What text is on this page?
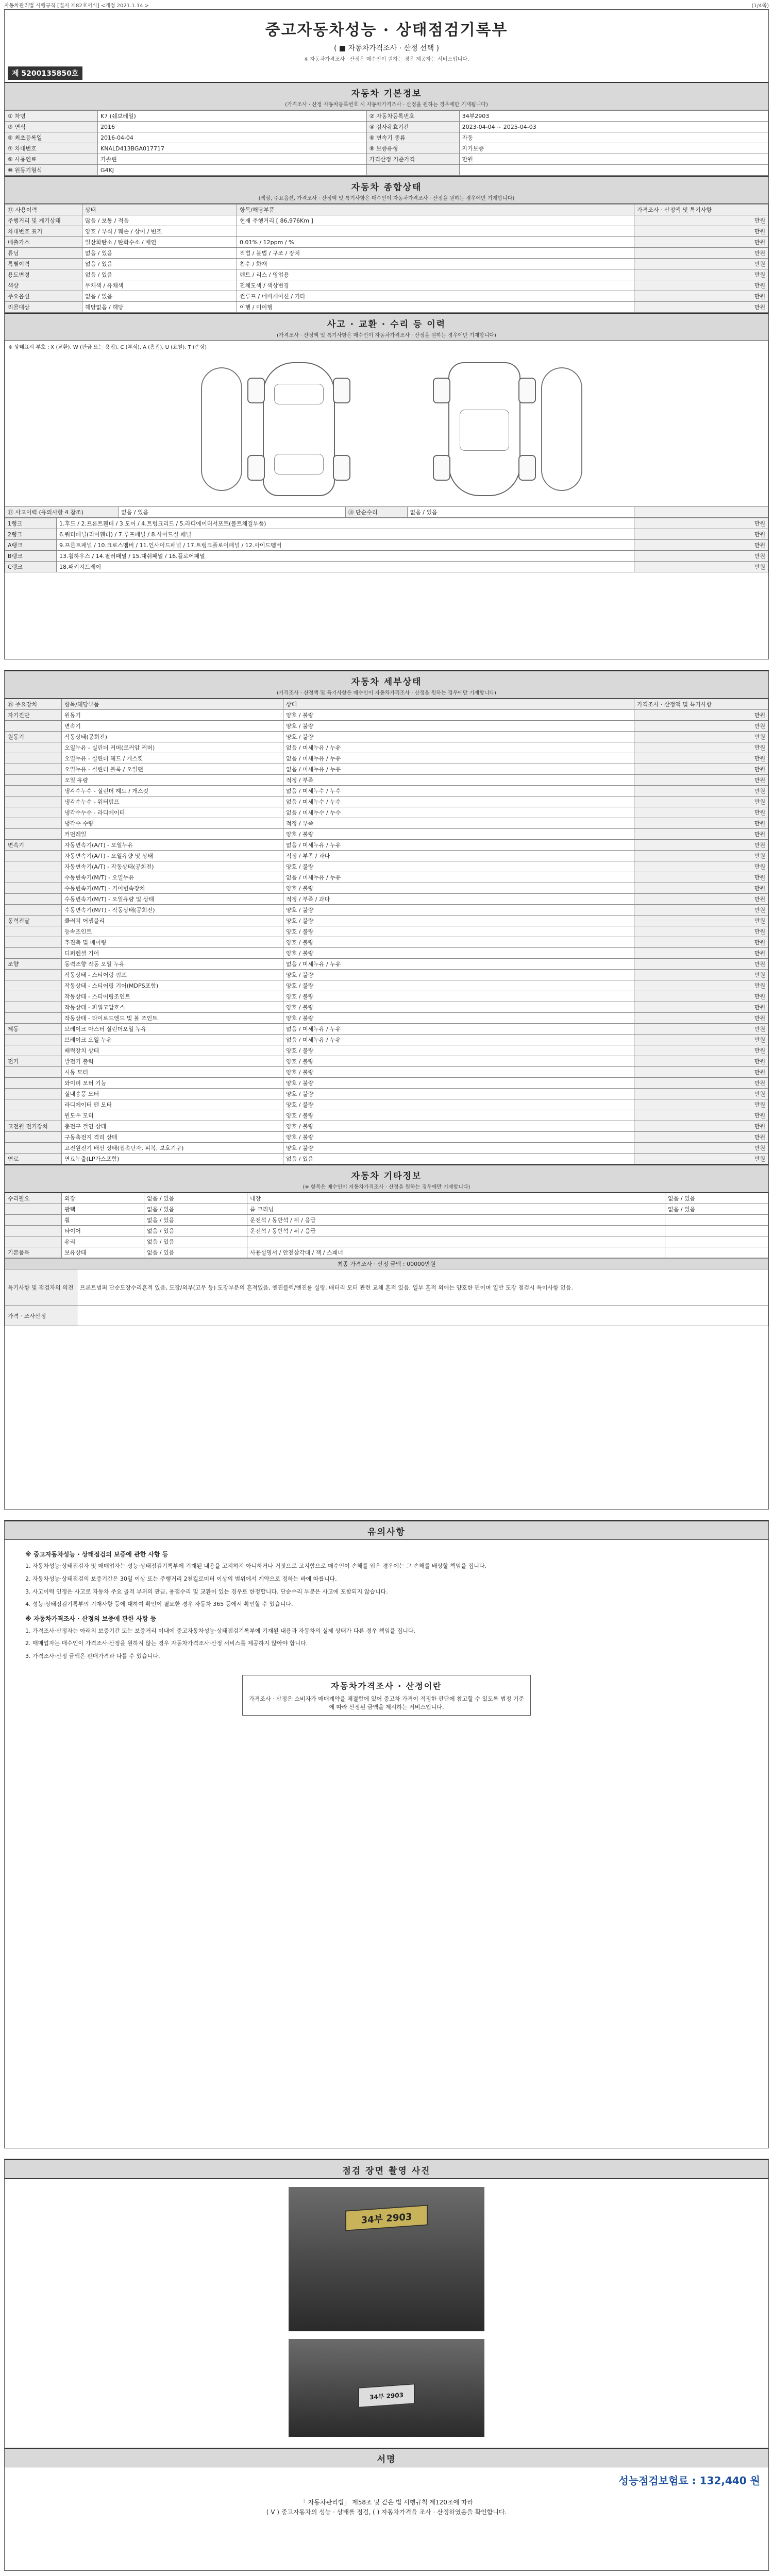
자동차관리법 시행규칙 [별지 제82호서식] <개정 2021.1.14.>	(1/4쪽)
중고자동차성능 · 상태점검기록부
( ■ 자동차가격조사 · 산정 선택 )
※ 자동차가격조사 · 산정은 매수인이 원하는 경우 제공하는 서비스입니다.
제 5200135850호
자동차 기본정보
(가격조사 · 산정 자동차등록번호 시 자동차가격조사 · 산정을 원하는 경우에만 기재됩니다)
① 차명	K7 (쉐보레일)	② 자동차등록번호	34부2903
③ 연식	2016	④ 검사유효기간	2023-04-04 ~ 2025-04-03
⑤ 최초등록일	2016-04-04	⑥ 변속기 종류	자동
⑦ 차대번호	KNALD413BGA017717	⑧ 보증유형	자가보증
⑨ 사용연료	가솔린	가격산정 기준가격	만원
⑩ 원동기형식	G4KJ		
자동차 종합상태
(색상, 주요옵션, 가격조사 · 산정액 및 특기사항은 매수인이 자동차가격조사 · 산정을 원하는 경우에만 기재합니다)
⑪ 사용이력	상태	항목/해당부품	가격조사 · 산정액 및 특기사항
주행거리 및 계기상태	많음 / 보통 / 적음	현재 주행거리 [ 86,976Km ]	만원
차대번호 표기	양호 / 부식 / 훼손 / 상이 / 변조		만원
배출가스	일산화탄소 / 탄화수소 / 매연	0.01% / 12ppm / %	만원
튜닝	없음 / 있음	적법 / 불법 / 구조 / 장치	만원
특별이력	없음 / 있음	침수 / 화재	만원
용도변경	없음 / 있음	렌트 / 리스 / 영업용	만원
색상	무채색 / 유채색	전체도색 / 색상변경	만원
주요옵션	없음 / 있음	썬루프 / 네비게이션 / 기타	만원
리콜대상	해당없음 / 해당	이행 / 미이행	만원
사고 · 교환 · 수리 등 이력
(가격조사 · 산정액 및 특기사항은 매수인이 자동차가격조사 · 산정을 원하는 경우에만 기재합니다)
※ 상태표시 부호 : X (교환), W (판금 또는 용접), C (부식), A (흠집), U (요철), T (손상)
⑰ 사고이력 (유의사항 4 참조)	없음 / 있음	⑱ 단순수리	없음 / 있음	
1랭크	1.후드 / 2.프론트휀더 / 3.도어 / 4.트렁크리드 / 5.라디에이터서포트(볼트체결부품)	만원
2랭크	6.쿼터패널(리어휀더) / 7.루프패널 / 8.사이드실 패널	만원
A랭크	9.프론트패널 / 10.크로스멤버 / 11.인사이드패널 / 17.트렁크플로어패널 / 12.사이드멤버	만원
B랭크	13.휠하우스 / 14.필러패널 / 15.대쉬패널 / 16.플로어패널	만원
C랭크	18.패키지트레이	만원
자동차 세부상태
(가격조사 · 산정액 및 특기사항은 매수인이 자동차가격조사 · 산정을 원하는 경우에만 기재합니다)
⑲ 주요장치	항목/해당부품	상태	가격조사 · 산정액 및 특기사항
자기진단	원동기	양호 / 불량	만원
	변속기	양호 / 불량	만원
원동기	작동상태(공회전)	양호 / 불량	만원
	오일누유 - 실린더 커버(로커암 커버)	없음 / 미세누유 / 누유	만원
	오일누유 - 실린더 헤드 / 개스킷	없음 / 미세누유 / 누유	만원
	오일누유 - 실린더 블록 / 오일팬	없음 / 미세누유 / 누유	만원
	오일 유량	적정 / 부족	만원
	냉각수누수 - 실린더 헤드 / 개스킷	없음 / 미세누수 / 누수	만원
	냉각수누수 - 워터펌프	없음 / 미세누수 / 누수	만원
	냉각수누수 - 라디에이터	없음 / 미세누수 / 누수	만원
	냉각수 수량	적정 / 부족	만원
	커먼레일	양호 / 불량	만원
변속기	자동변속기(A/T) - 오일누유	없음 / 미세누유 / 누유	만원
	자동변속기(A/T) - 오일유량 및 상태	적정 / 부족 / 과다	만원
	자동변속기(A/T) - 작동상태(공회전)	양호 / 불량	만원
	수동변속기(M/T) - 오일누유	없음 / 미세누유 / 누유	만원
	수동변속기(M/T) - 기어변속장치	양호 / 불량	만원
	수동변속기(M/T) - 오일유량 및 상태	적정 / 부족 / 과다	만원
	수동변속기(M/T) - 작동상태(공회전)	양호 / 불량	만원
동력전달	클러치 어셈블리	양호 / 불량	만원
	등속조인트	양호 / 불량	만원
	추진축 및 베어링	양호 / 불량	만원
	디퍼렌셜 기어	양호 / 불량	만원
조향	동력조향 작동 오일 누유	없음 / 미세누유 / 누유	만원
	작동상태 - 스티어링 펌프	양호 / 불량	만원
	작동상태 - 스티어링 기어(MDPS포함)	양호 / 불량	만원
	작동상태 - 스티어링조인트	양호 / 불량	만원
	작동상태 - 파워고압호스	양호 / 불량	만원
	작동상태 - 타이로드엔드 및 볼 조인트	양호 / 불량	만원
제동	브레이크 마스터 실린더오일 누유	없음 / 미세누유 / 누유	만원
	브레이크 오일 누유	없음 / 미세누유 / 누유	만원
	배력장치 상태	양호 / 불량	만원
전기	발전기 출력	양호 / 불량	만원
	시동 모터	양호 / 불량	만원
	와이퍼 모터 기능	양호 / 불량	만원
	실내송풍 모터	양호 / 불량	만원
	라디에이터 팬 모터	양호 / 불량	만원
	윈도우 모터	양호 / 불량	만원
고전원 전기장치	충전구 절연 상태	양호 / 불량	만원
	구동축전지 격리 상태	양호 / 불량	만원
	고전원전기 배선 상태(접속단자, 피복, 보호기구)	양호 / 불량	만원
연료	연료누출(LP가스포함)	없음 / 있음	만원
자동차 기타정보
(※ 항목은 매수인이 자동차가격조사 · 산정을 원하는 경우에만 기재합니다)
수리필요	외장	없음 / 있음	내장	없음 / 있음
	광택	없음 / 있음	룸 크리닝	없음 / 있음
	휠	없음 / 있음	운전석 / 동반석 / 뒤 / 응급	
	타이어	없음 / 있음	운전석 / 동반석 / 뒤 / 응급	
	유리	없음 / 있음		
기본품목	보유상태	없음 / 있음	사용설명서 / 안전삼각대 / 잭 / 스패너	
최종 가격조사 · 산정 금액 : 00000만원	
특기사항 및 점검자의 의견	프론트범퍼 단순도장수리흔적 있음, 도장/외부(고무 등) 도장부분의 흔적있음, 엔진블럭/엔진룸 실링, 배터리 모터 관련 교체 흔적 있음. 일부 흔적 외에는 양호한 편이며 일반 도장 점검시 특이사항 없음.
가격 · 조사산정	
유의사항
※ 중고자동차성능 · 상태점검의 보증에 관한 사항 등

1. 자동차성능·상태점검자 및 매매업자는 성능·상태점검기록부에 기재된 내용을 고지하지 아니하거나 거짓으로 고지함으로 매수인이 손해를 입은 경우에는 그 손해를 배상할 책임을 집니다.

2. 자동차성능·상태점검의 보증기간은 30일 이상 또는 주행거리 2천킬로미터 이상의 범위에서 계약으로 정하는 바에 따릅니다.

3. 사고이력 인정은 사고로 자동차 주요 골격 부위의 판금, 용접수리 및 교환이 있는 경우로 한정합니다. 단순수리 부분은 사고에 포함되지 않습니다.

4. 성능·상태점검기록부의 기재사항 등에 대하여 확인이 필요한 경우 자동차 365 등에서 확인할 수 있습니다.

※ 자동차가격조사 · 산정의 보증에 관한 사항 등

1. 가격조사·산정자는 아래의 보증기간 또는 보증거리 이내에 중고자동차성능·상태점검기록부에 기재된 내용과 자동차의 실제 상태가 다른 경우 책임을 집니다.

2. 매매업자는 매수인이 가격조사·산정을 원하지 않는 경우 자동차가격조사·산정 서비스를 제공하지 않아야 합니다.

3. 가격조사·산정 금액은 판매가격과 다를 수 있습니다.

자동차가격조사 · 산정이란
가격조사 · 산정은 소비자가 매매계약을 체결함에 있어 중고차 가격이 적정한 판단에 참고할 수 있도록 법정 기준에 따라 산정된 금액을 제시하는 서비스입니다.
점검 장면 촬영 사진
34부 2903

34부 2903
서명
성능점검보험료 : 132,440 원
「 자동차관리법」 제58조 및 같은 법 시행규칙 제120조에 따라
( V ) 중고자동차의 성능 · 상태를 점검, ( ) 자동차가격을 조사 · 산정하였음을 확인합니다.
